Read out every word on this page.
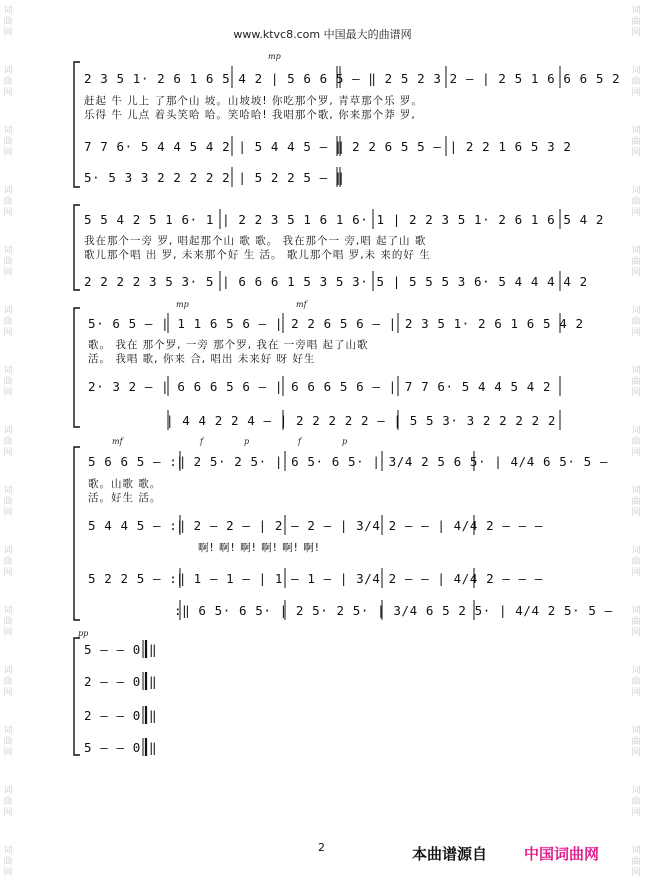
词曲网
词曲网
词曲网
词曲网
词曲网
词曲网
词曲网
词曲网
词曲网
词曲网
词曲网
词曲网
词曲网
词曲网
词曲网
词曲网
词曲网
词曲网
词曲网
词曲网
词曲网
词曲网
词曲网
词曲网
词曲网
词曲网
词曲网
词曲网
词曲网
词曲网
www.ktvc8.com 中国最大的曲谱网
mp
2 3 5 1· 2 6 1 6 5 4 2 | 5 6 6 5 – ‖ 2 5 2 3 2 – | 2 5 1 6 6 6 5 2
赶起 牛 儿上 了那个山 坡。山坡坡! 你吃那个罗, 青草那个乐 罗。
乐得 牛 儿点 着头笑哈 哈。笑哈哈! 我唱那个歌, 你来那个莽 罗,
7 7 6· 5 4 4 5 4 2 | 5 4 4 5 – ‖ 2 2 6 5 5 – | 2 2 1 6 5 3 2
5· 5 3 3 2 2 2 2 2 | 5 2 2 5 – ‖
5 5 4 2 5 1 6· 1 | 2 2 3 5 1 6 1 6· 1 | 2 2 3 5 1· 2 6 1 6 5 4 2
我在那个一旁 罗, 唱起那个山 歌 歌。 我在那个一 旁,唱 起了山 歌
歌儿那个唱 出 罗, 未来那个好 生 活。 歌儿那个唱 罗,未 来的好 生
2 2 2 2 3 5 3· 5 | 6 6 6 1 5 3 5 3· 5 | 5 5 5 3 6· 5 4 4 4 4 2
mp	mf
5· 6 5 – | 1 1 6 5 6 – | 2 2 6 5 6 – | 2 3 5 1· 2 6 1 6 5 4 2
歌。 我在 那个罗, 一旁 那个罗, 我在 一旁唱 起了山歌
活。 我唱 歌, 你来 合, 唱出 未来好 呀 好生
2· 3 2 – | 6 6 6 5 6 – | 6 6 6 5 6 – | 7 7 6· 5 4 4 5 4 2
| 4 4 2 2 4 – | 2 2 2 2 2 – | 5 5 3· 3 2 2 2 2 2
mf	f	p	f	p
5 6 6 5 – :‖ 2 5· 2 5· | 6 5· 6 5· | 3/4 2 5 6 5· | 4/4 6 5· 5 –
歌。山歌 歌。
活。好生 活。
5 4 4 5 – :‖ 2 – 2 – | 2 – 2 – | 3/4 2 – – | 4/4 2 – – –
啊! 啊! 啊! 啊! 啊! 啊!
5 2 2 5 – :‖ 1 – 1 – | 1 – 1 – | 3/4 2 – – | 4/4 2 – – –
:‖ 6 5· 6 5· | 2 5· 2 5· | 3/4 6 5 2 5· | 4/4 2 5· 5 –
pp
5 – – 0 ‖
2 – – 0 ‖
2 – – 0 ‖
5 – – 0 ‖
2	本曲谱源自 中国词曲网
